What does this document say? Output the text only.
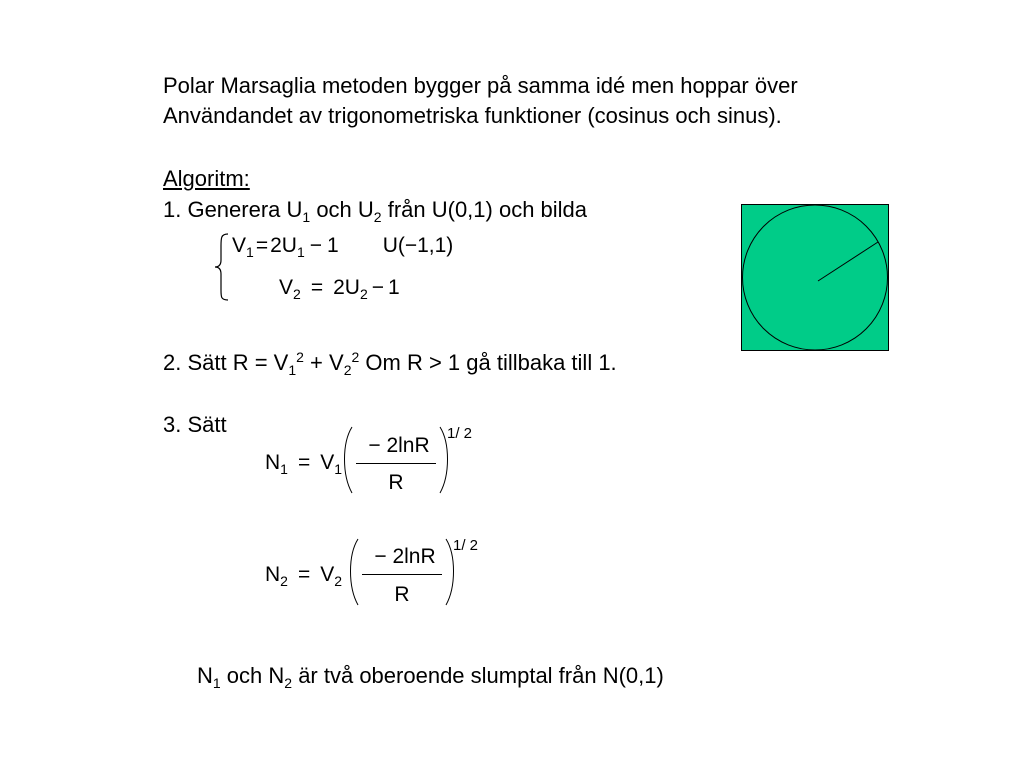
Polar Marsaglia metoden bygger på samma idé men hoppar över
Användandet av trigonometriska funktioner (cosinus och sinus).
Algoritm:
1. Generera $U_1$ och $U_2$ från U(0,1) och bilda
$V_1=2U_1 - 1$ U(−1,1)
$V_2 = 2U_2 - 1$
2. Sätt $R = V_1^2 + V_2^2$ Om R > 1 gå tillbaka till 1.
3. Sätt
$N_1 = V_1$
− 2lnR
R
1/ 2
$N_2 = V_2$
− 2lnR
R
1/ 2
$N_1$ och $N_2$ är två oberoende slumptal från N(0,1)
